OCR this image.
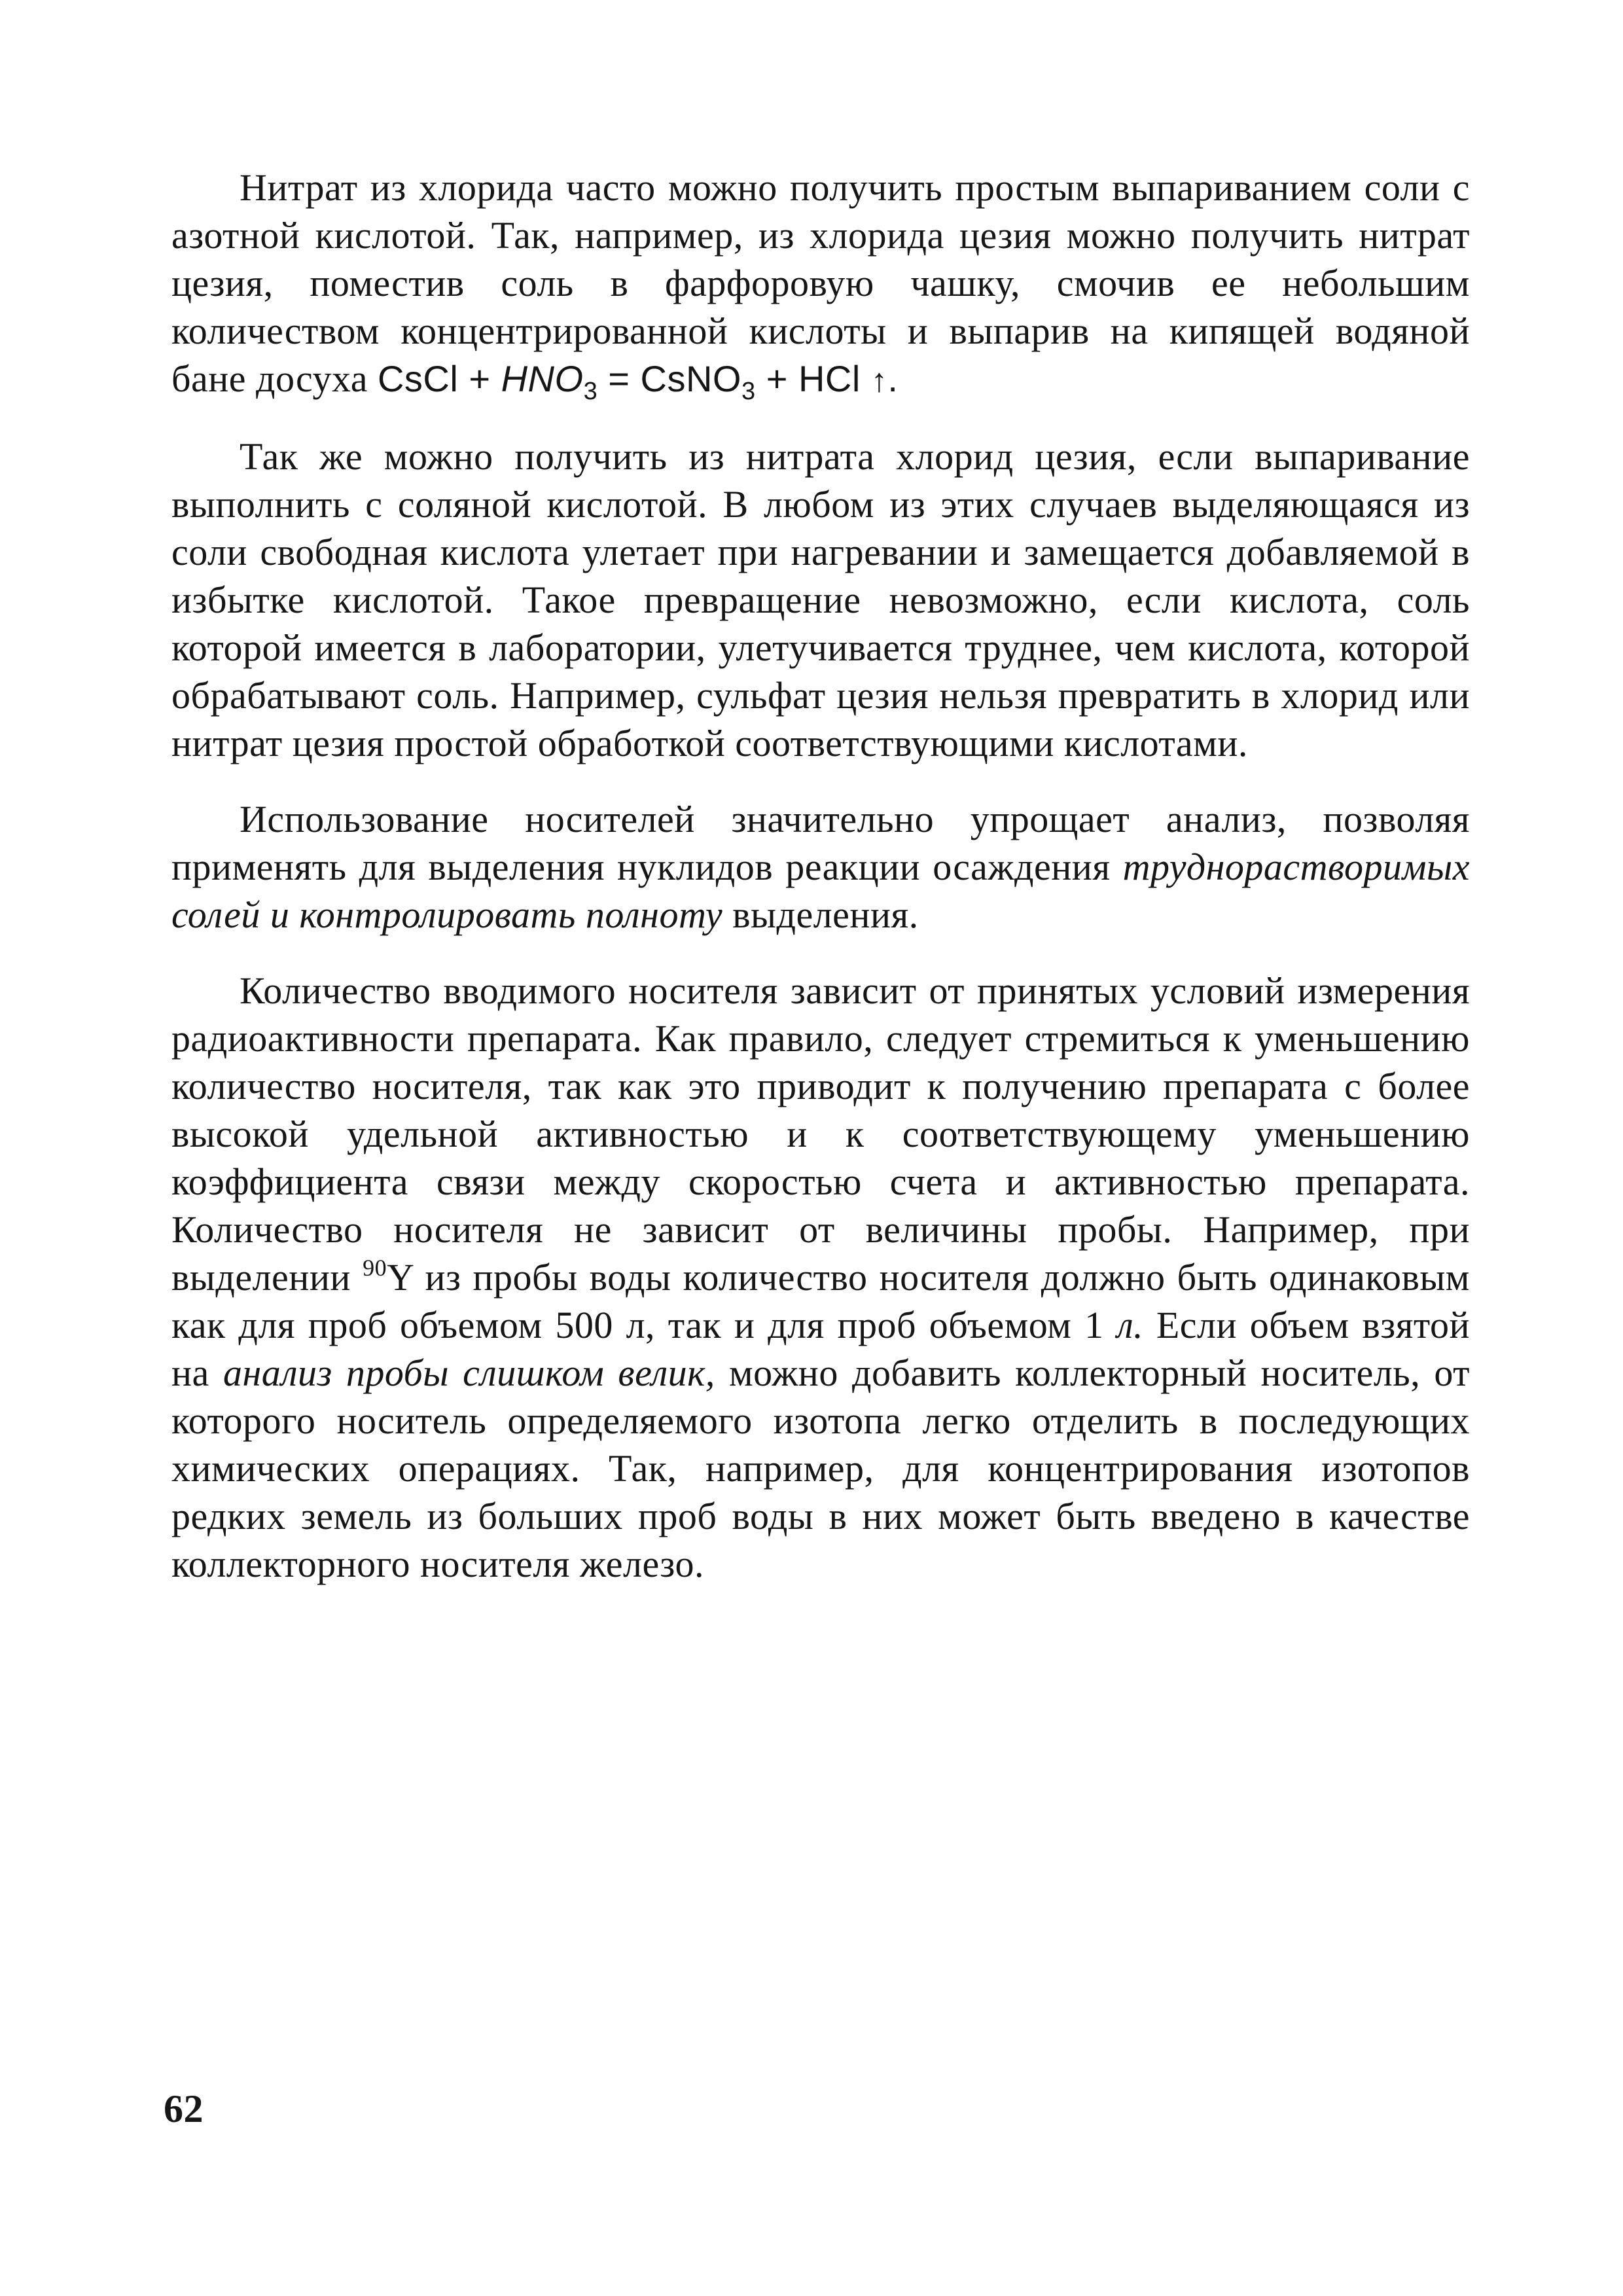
Нитрат из хлорида часто можно получить простым выпариванием соли с азотной кислотой. Так, например, из хлорида цезия можно получить нитрат цезия, поместив соль в фарфоровую чашку, смочив ее небольшим количеством концентрированной кислоты и выпарив на кипящей водяной бане досуха CsCl + $HNO_3$ = CsNO$_3$ + HCl ↑.

Так же можно получить из нитрата хлорид цезия, если выпаривание выполнить с соляной кислотой. В любом из этих случаев выделяющаяся из соли свободная кислота улетает при нагревании и замещается добавляемой в избытке кислотой. Такое превращение невозможно, если кислота, соль которой имеется в лаборатории, улетучивается труднее, чем кислота, которой обрабатывают соль. Например, сульфат цезия нельзя превратить в хлорид или нитрат цезия простой обработкой соответствующими кислотами.

Использование носителей значительно упрощает анализ, позволяя применять для выделения нуклидов реакции осаждения труднорастворимых солей и контролировать полноту выделения.

Количество вводимого носителя зависит от принятых условий измерения радиоактивности препарата. Как правило, следует стремиться к уменьшению количество носителя, так как это приводит к получению препарата с более высокой удельной активностью и к соответствующему уменьшению коэффициента связи между скоростью счета и активностью препарата. Количество носителя не зависит от величины пробы. Например, при выделении $^{90}$Y из пробы воды количество носителя должно быть одинаковым как для проб объемом 500 л, так и для проб объемом 1 л. Если объем взятой на анализ пробы слишком велик, можно добавить коллекторный носитель, от которого носитель определяемого изотопа легко отделить в последующих химических операциях. Так, например, для концентрирования изотопов редких земель из больших проб воды в них может быть введено в качестве коллекторного носителя железо.

62
